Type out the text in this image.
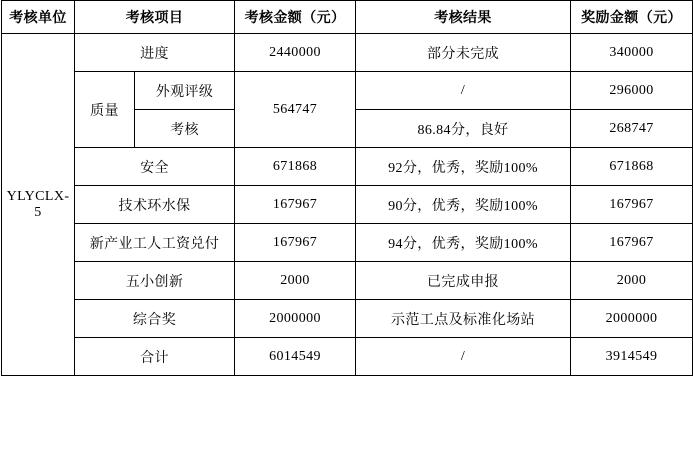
考核单位	考核项目		考核金额（元）	考核结果	奖励金额（元）
YLYCLX-5	进度		2440000	部分未完成	340000
	质量	外观评级	564747	/	296000
		考核		86.84分，良好	268747
	安全		671868	92分，优秀，奖励100%	671868
	技术环水保		167967	90分，优秀，奖励100%	167967
	新产业工人工资兑付		167967	94分，优秀，奖励100%	167967
	五小创新		2000	已完成申报	2000
	综合奖		2000000	示范工点及标准化场站	2000000
	合计		6014549	/	3914549
